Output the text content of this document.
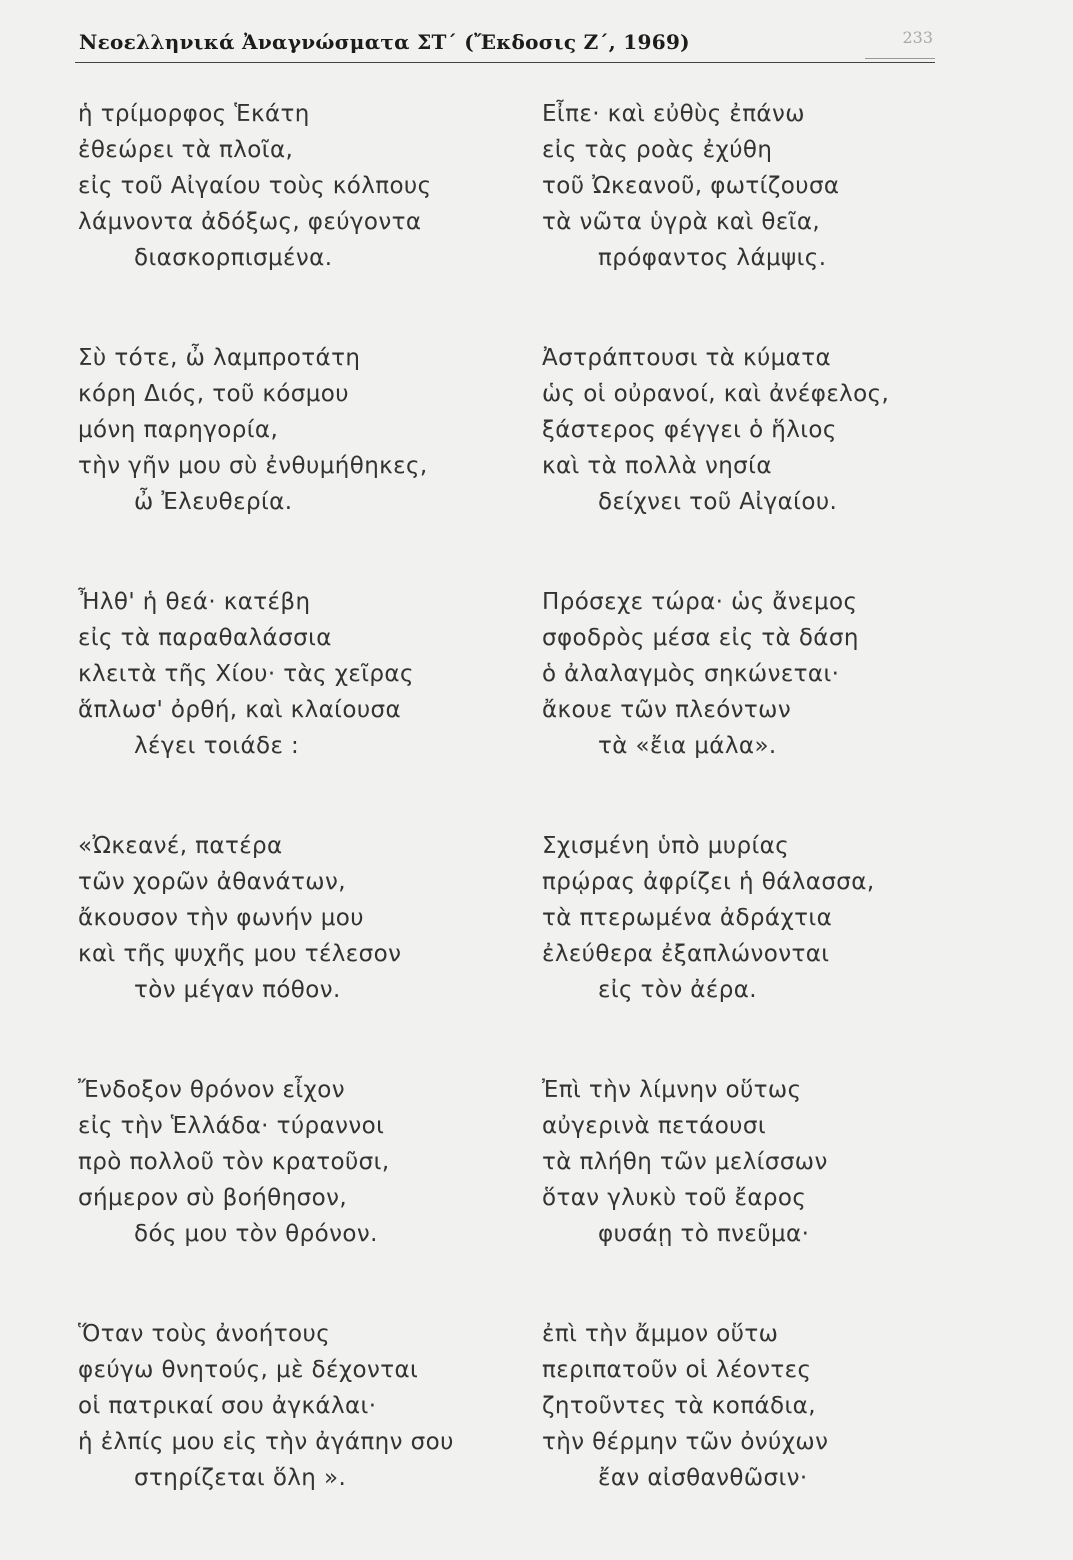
Νεοελληνικά Ἀναγνώσματα ΣΤ΄ (Ἔκδοσις Ζ΄, 1969)	233
ἡ τρίμορφος Ἑκάτη
ἐθεώρει τὰ πλοῖα,
εἰς τοῦ Αἰγαίου τοὺς κόλπους
λάμνοντα ἀδόξως, φεύγοντα
διασκορπισμένα.
Σὺ τότε, ὦ λαμπροτάτη
κόρη Διός, τοῦ κόσμου
μόνη παρηγορία,
τὴν γῆν μου σὺ ἐνθυμήθηκες,
ὦ Ἐλευθερία.
Ἦλθ' ἡ θεά· κατέβη
εἰς τὰ παραθαλάσσια
κλειτὰ τῆς Χίου· τὰς χεῖρας
ἅπλωσ' ὀρθή, καὶ κλαίουσα
λέγει τοιάδε :
«Ὠκεανέ, πατέρα
τῶν χορῶν ἀθανάτων,
ἄκουσον τὴν φωνήν μου
καὶ τῆς ψυχῆς μου τέλεσον
τὸν μέγαν πόθον.
Ἔνδοξον θρόνον εἶχον
εἰς τὴν Ἑλλάδα· τύραννοι
πρὸ πολλοῦ τὸν κρατοῦσι,
σήμερον σὺ βοήθησον,
δός μου τὸν θρόνον.
Ὅταν τοὺς ἀνοήτους
φεύγω θνητούς, μὲ δέχονται
οἱ πατρικαί σου ἀγκάλαι·
ἡ ἐλπίς μου εἰς τὴν ἀγάπην σου
στηρίζεται ὅλη ».
Εἶπε· καὶ εὐθὺς ἐπάνω
εἰς τὰς ροὰς ἐχύθη
τοῦ Ὠκεανοῦ, φωτίζουσα
τὰ νῶτα ὑγρὰ καὶ θεῖα,
πρόφαντος λάμψις.
Ἀστράπτουσι τὰ κύματα
ὡς οἱ οὐρανοί, καὶ ἀνέφελος,
ξάστερος φέγγει ὁ ἥλιος
καὶ τὰ πολλὰ νησία
δείχνει τοῦ Αἰγαίου.
Πρόσεχε τώρα· ὡς ἄνεμος
σφοδρὸς μέσα εἰς τὰ δάση
ὁ ἀλαλαγμὸς σηκώνεται·
ἄκουε τῶν πλεόντων
τὰ «ἔια μάλα».
Σχισμένη ὑπὸ μυρίας
πρῴρας ἀφρίζει ἡ θάλασσα,
τὰ πτερωμένα ἀδράχτια
ἐλεύθερα ἐξαπλώνονται
εἰς τὸν ἀέρα.
Ἐπὶ τὴν λίμνην οὕτως
αὐγερινὰ πετάουσι
τὰ πλήθη τῶν μελίσσων
ὅταν γλυκὺ τοῦ ἔαρος
φυσάῃ τὸ πνεῦμα·
ἐπὶ τὴν ἄμμον οὕτω
περιπατοῦν οἱ λέοντες
ζητοῦντες τὰ κοπάδια,
τὴν θέρμην τῶν ὀνύχων
ἔαν αἰσθανθῶσιν·
